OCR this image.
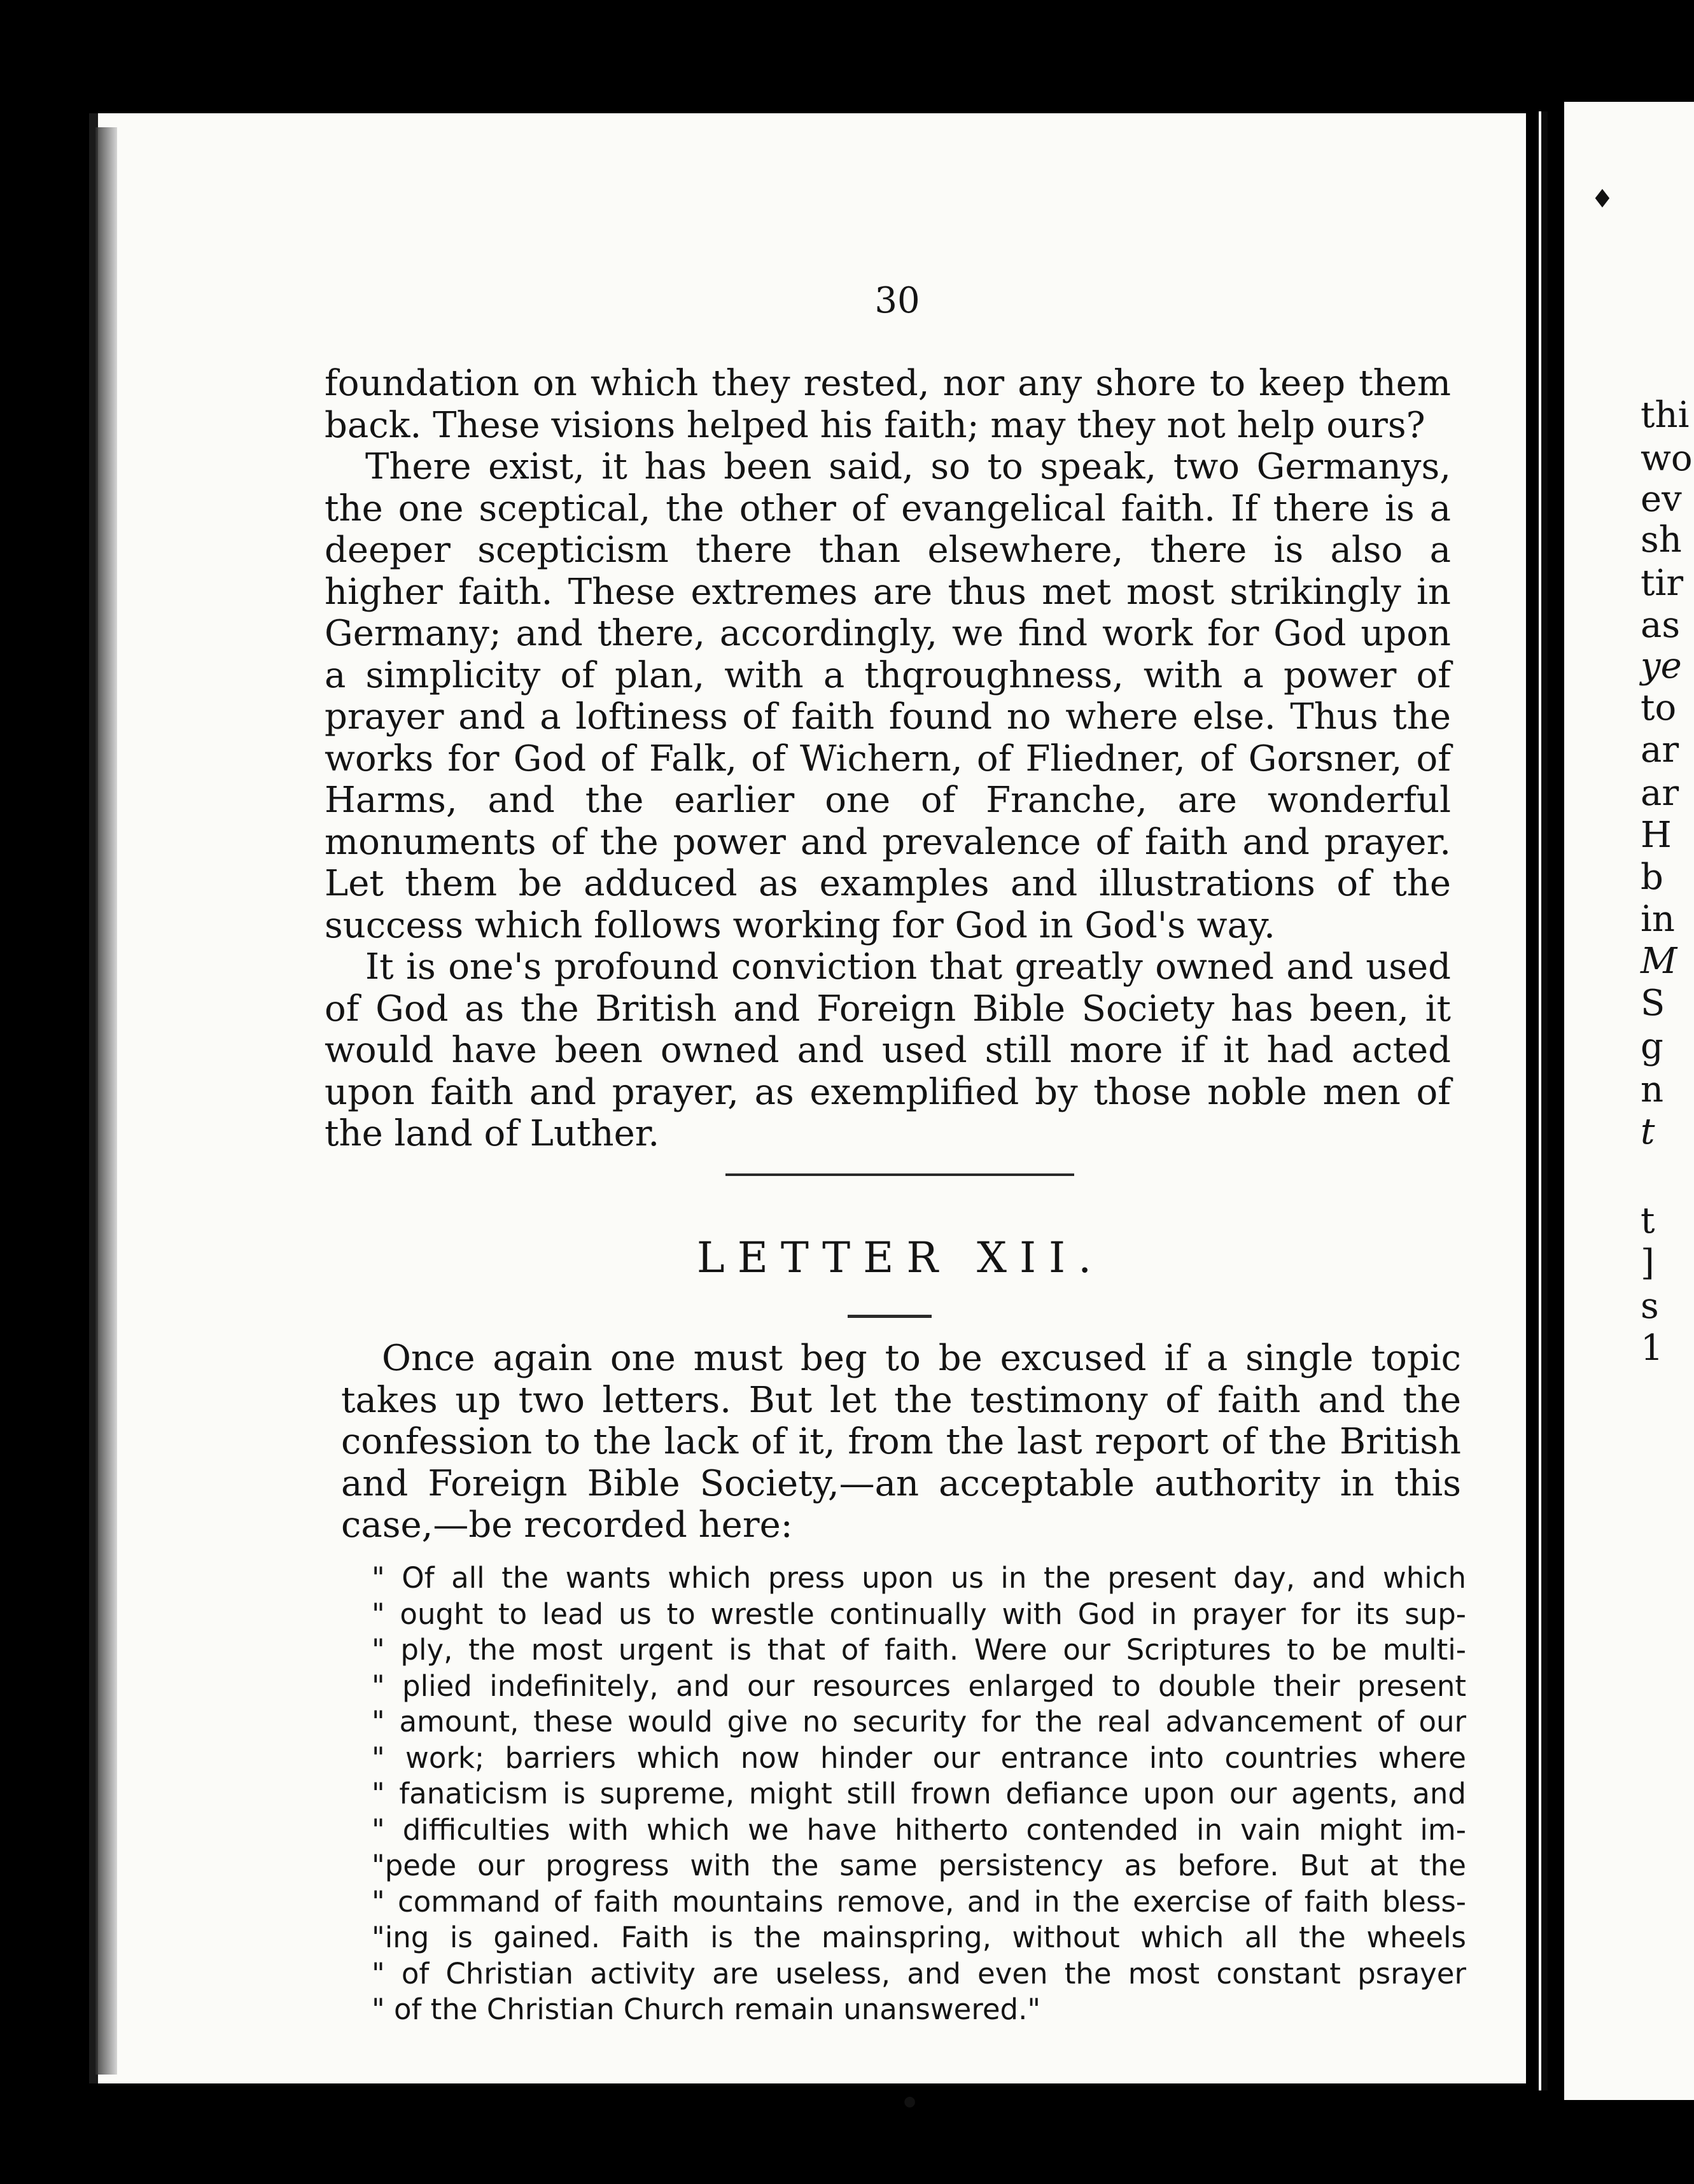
30

foundation on which they rested, nor any shore to keep them back. These visions helped his faith; may they not help ours?

There exist, it has been said, so to speak, two Germanys, the one sceptical, the other of evangelical faith. If there is a deeper scepticism there than elsewhere, there is also a higher faith. These extremes are thus met most strikingly in Germany; and there, accordingly, we find work for God upon a simplicity of plan, with a thqroughness, with a power of prayer and a loftiness of faith found no where else. Thus the works for God of Falk, of Wichern, of Fliedner, of Gorsner, of Harms, and the earlier one of Franche, are wonderful monuments of the power and prevalence of faith and prayer. Let them be adduced as examples and illustrations of the success which follows working for God in God's way.

It is one's profound conviction that greatly owned and used of God as the British and Foreign Bible Society has been, it would have been owned and used still more if it had acted upon faith and prayer, as exemplified by those noble men of the land of Luther.

LETTER XII.

Once again one must beg to be excused if a single topic takes up two letters. But let the testimony of faith and the confession to the lack of it, from the last report of the British and Foreign Bible Society,—an acceptable authority in this case,—be recorded here:

" Of all the wants which press upon us in the present day, and which
" ought to lead us to wrestle continually with God in prayer for its sup-
" ply, the most urgent is that of faith. Were our Scriptures to be multi-
" plied indefinitely, and our resources enlarged to double their present
" amount, these would give no security for the real advancement of our
" work; barriers which now hinder our entrance into countries where
" fanaticism is supreme, might still frown defiance upon our agents, and
" difficulties with which we have hitherto contended in vain might im-
"pede our progress with the same persistency as before. But at the
" command of faith mountains remove, and in the exercise of faith bless-
"ing is gained. Faith is the mainspring, without which all the wheels
" of Christian activity are useless, and even the most constant psrayer
" of the Christian Church remain unanswered."
thi
wo
ev
sh
tir
as
ye
to
ar
ar
H
b
in
M
S
g
n
t
t
]
s
1
♦
●
